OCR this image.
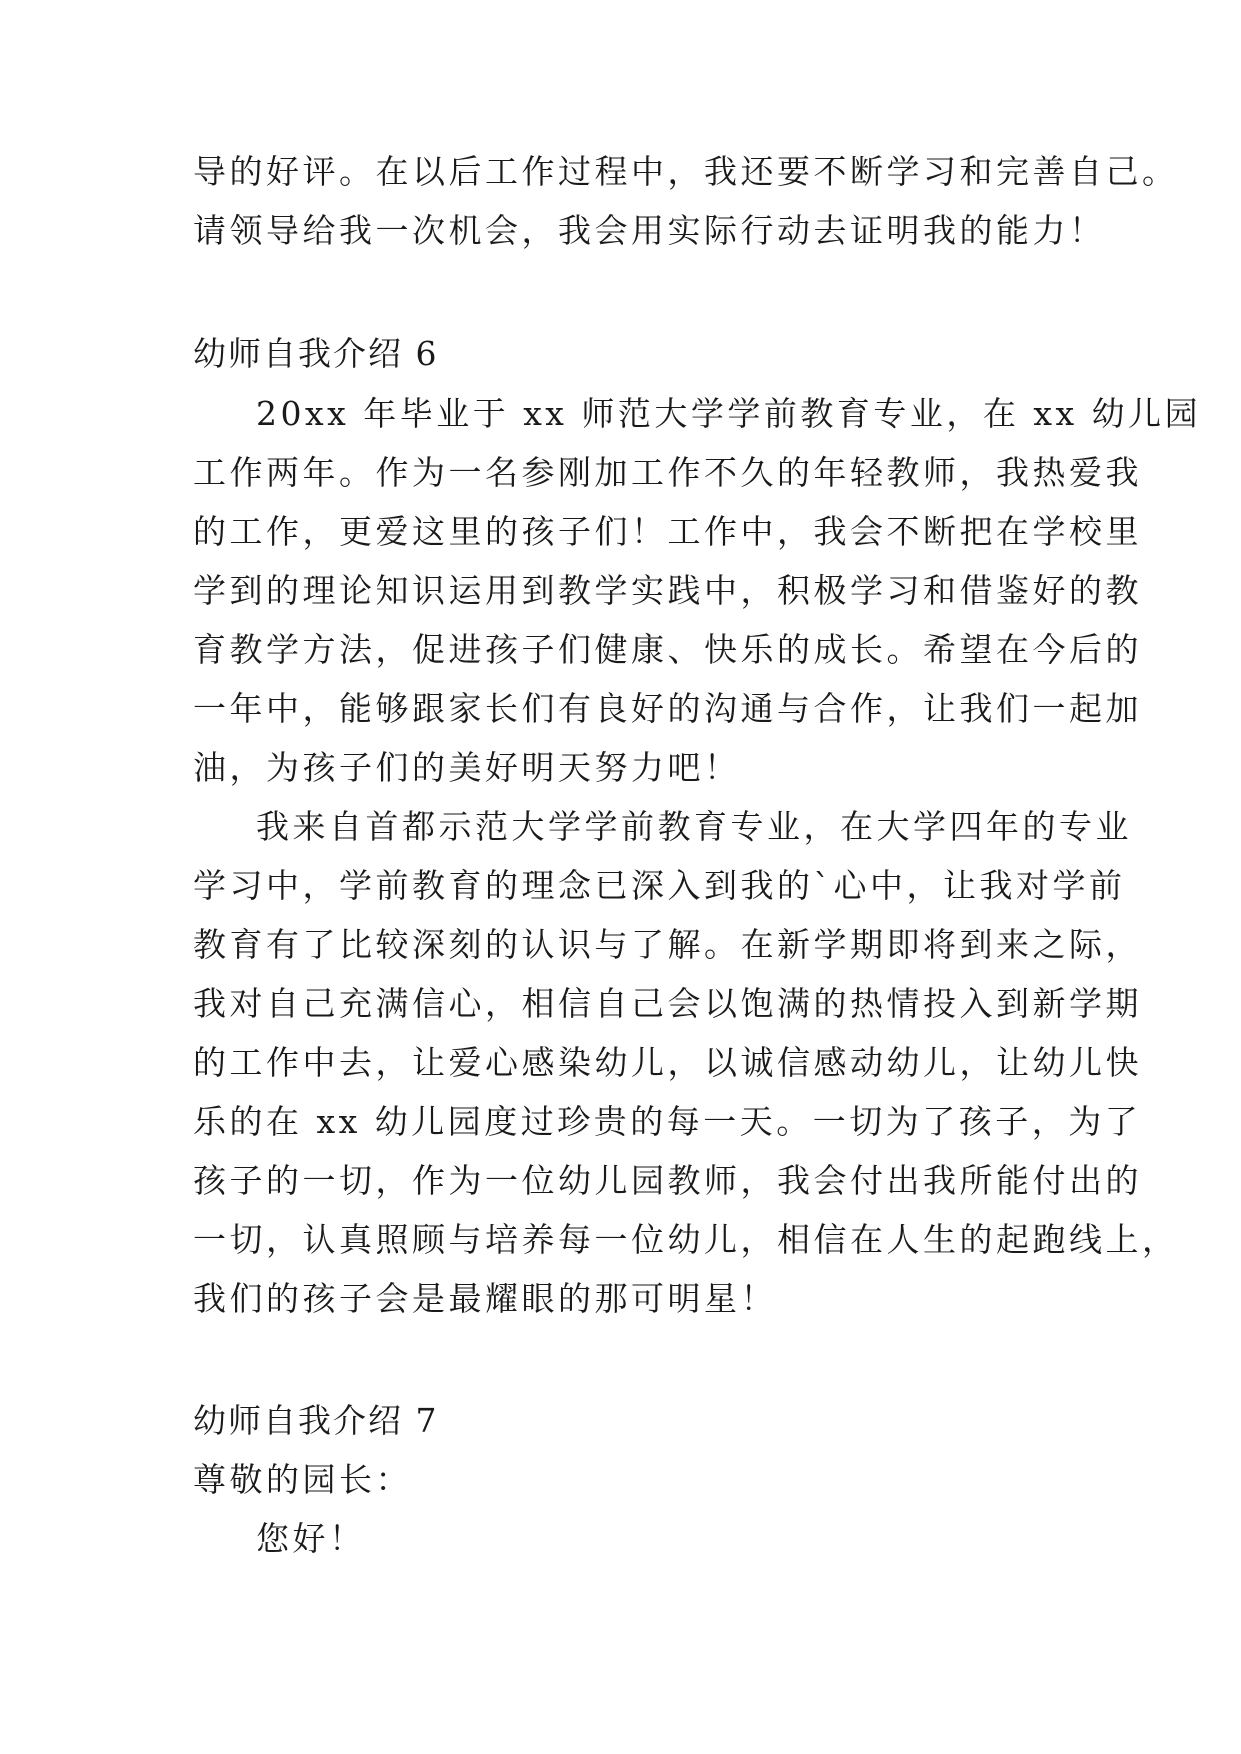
导的好评。在以后工作过程中，我还要不断学习和完善自己。
请领导给我一次机会，我会用实际行动去证明我的能力！
幼师自我介绍 6
20xx 年毕业于 xx 师范大学学前教育专业，在 xx 幼儿园
工作两年。作为一名参刚加工作不久的年轻教师，我热爱我
的工作，更爱这里的孩子们！工作中，我会不断把在学校里
学到的理论知识运用到教学实践中，积极学习和借鉴好的教
育教学方法，促进孩子们健康、快乐的成长。希望在今后的
一年中，能够跟家长们有良好的沟通与合作，让我们一起加
油，为孩子们的美好明天努力吧！
我来自首都示范大学学前教育专业，在大学四年的专业
学习中，学前教育的理念已深入到我的`心中，让我对学前
教育有了比较深刻的认识与了解。在新学期即将到来之际，
我对自己充满信心，相信自己会以饱满的热情投入到新学期
的工作中去，让爱心感染幼儿，以诚信感动幼儿，让幼儿快
乐的在 xx 幼儿园度过珍贵的每一天。一切为了孩子，为了
孩子的一切，作为一位幼儿园教师，我会付出我所能付出的
一切，认真照顾与培养每一位幼儿，相信在人生的起跑线上，
我们的孩子会是最耀眼的那可明星！
幼师自我介绍 7
尊敬的园长：
您好！
